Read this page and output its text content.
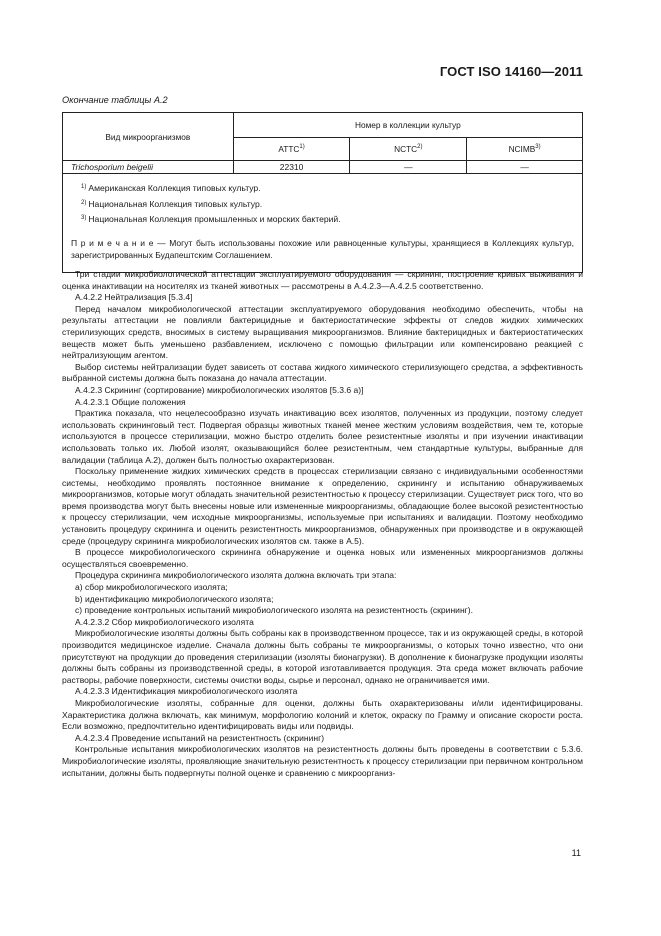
ГОСТ ISO 14160—2011
Окончание таблицы А.2
Вид микроорганизмов	Номер в коллекции культур		
	ATTC$^{1)}$	NCTC$^{2)}$	NCIMB$^{3)}$
Trichosporium beigelii	22310	—	—

$^{1)}$ Американская Коллекция типовых культур.
$^{2)}$ Национальная Коллекция типовых культур.
$^{3)}$ Национальная Коллекция промышленных и морских бактерий.
П р и м е ч а н и е — Могут быть использованы похожие или равноценные культуры, хранящиеся в Коллекциях культур, зарегистрированных Будапештским Соглашением.			

Три стадии микробиологической аттестации эксплуатируемого оборудования — скрининг, построение кривых выживания и оценка инактивации на носителях из тканей животных — рассмотрены в А.4.2.3—А.4.2.5 соответственно.

А.4.2.2 Нейтрализация [5.3.4]

Перед началом микробиологической аттестации эксплуатируемого оборудования необходимо обеспечить, чтобы на результаты аттестации не повлияли бактерицидные и бактериостатические эффекты от следов жидких химических стерилизующих средств, вносимых в систему выращивания микроорганизмов. Влияние бактерицидных и бактериостатических веществ может быть уменьшено разбавлением, исключено с помощью фильтрации или компенсировано реакцией с нейтрализующим агентом.

Выбор системы нейтрализации будет зависеть от состава жидкого химического стерилизующего средства, а эффективность выбранной системы должна быть показана до начала аттестации.

А.4.2.3 Скрининг (сортирование) микробиологических изолятов [5.3.6 а)]

А.4.2.3.1 Общие положения

Практика показала, что нецелесообразно изучать инактивацию всех изолятов, полученных из продукции, поэтому следует использовать скрининговый тест. Подвергая образцы животных тканей менее жестким условиям воздействия, чем те, которые используются в процессе стерилизации, можно быстро отделить более резистентные изоляты и при изучении инактивации использовать только их. Любой изолят, оказывающийся более резистентным, чем стандартные культуры, выбранные для валидации (таблица А.2), должен быть полностью охарактеризован.

Поскольку применение жидких химических средств в процессах стерилизации связано с индивидуальными особенностями системы, необходимо проявлять постоянное внимание к определению, скринингу и испытанию обнаруживаемых микроорганизмов, которые могут обладать значительной резистентностью к процессу стерилизации. Существует риск того, что во время производства могут быть внесены новые или измененные микроорганизмы, обладающие более высокой резистентностью к процессу стерилизации, чем исходные микроорганизмы, используемые при испытаниях и валидации. Поэтому необходимо установить процедуру скрининга и оценить резистентность микроорганизмов, обнаруженных при производстве и в окружающей среде (процедуру скрининга микробиологических изолятов см. также в А.5).

В процессе микробиологического скрининга обнаружение и оценка новых или измененных микроорганизмов должны осуществляться своевременно.

Процедура скрининга микробиологического изолята должна включать три этапа:

а) сбор микробиологического изолята;

b) идентификацию микробиологического изолята;

с) проведение контрольных испытаний микробиологического изолята на резистентность (скрининг).

А.4.2.3.2 Сбор микробиологического изолята

Микробиологические изоляты должны быть собраны как в производственном процессе, так и из окружающей среды, в которой производится медицинское изделие. Сначала должны быть собраны те микроорганизмы, о которых точно известно, что они присутствуют на продукции до проведения стерилизации (изоляты бионагрузки). В дополнение к бионагрузке продукции изоляты должны быть собраны из производственной среды, в которой изготавливается продукция. Эта среда может включать рабочие растворы, рабочие поверхности, системы очистки воды, сырье и персонал, однако не ограничивается ими.

А.4.2.3.3 Идентификация микробиологического изолята

Микробиологические изоляты, собранные для оценки, должны быть охарактеризованы и/или идентифицированы. Характеристика должна включать, как минимум, морфологию колоний и клеток, окраску по Грамму и описание скорости роста. Если возможно, предпочтительно идентифицировать виды или подвиды.

А.4.2.3.4 Проведение испытаний на резистентность (скрининг)

Контрольные испытания микробиологических изолятов на резистентность должны быть проведены в соответствии с 5.3.6. Микробиологические изоляты, проявляющие значительную резистентность к процессу стерилизации при первичном контрольном испытании, должны быть подвергнуты полной оценке и сравнению с микроорганиз-

11
